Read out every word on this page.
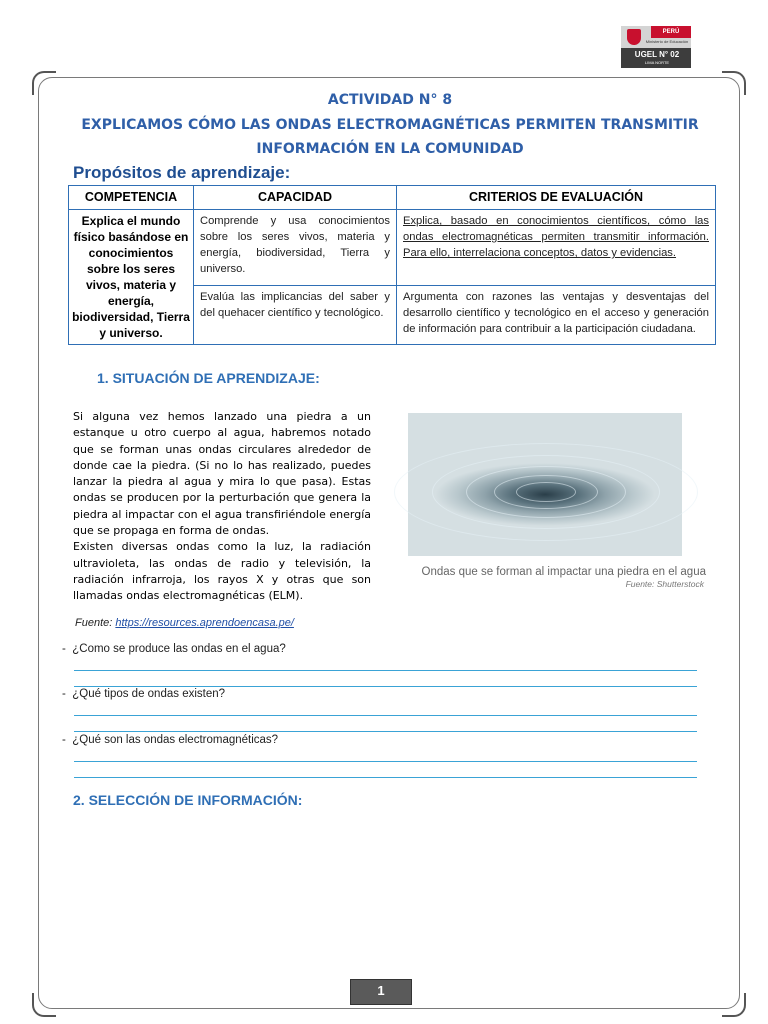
PERÚ
Ministerio de Educación
UGEL N° 02
LIMA NORTE
ACTIVIDAD N° 8
EXPLICAMOS CÓMO LAS ONDAS ELECTROMAGNÉTICAS PERMITEN TRANSMITIR
INFORMACIÓN EN LA COMUNIDAD
Propósitos de aprendizaje:
COMPETENCIA	CAPACIDAD	CRITERIOS DE EVALUACIÓN
Explica el mundo físico basándose en conocimientos sobre los seres vivos, materia y energía, biodiversidad, Tierra y universo.	Comprende y usa conocimientos sobre los seres vivos, materia y energía, biodiversidad, Tierra y universo.	Explica, basado en conocimientos científicos, cómo las ondas electromagnéticas permiten transmitir información. Para ello, interrelaciona conceptos, datos y evidencias.
	Evalúa las implicancias del saber y del quehacer científico y tecnológico.	Argumenta con razones las ventajas y desventajas del desarrollo científico y tecnológico en el acceso y generación de información para contribuir a la participación ciudadana.
1. SITUACIÓN DE APRENDIZAJE:

Si alguna vez hemos lanzado una piedra a un estanque u otro cuerpo al agua, habremos notado que se forman unas ondas circulares alrededor de donde cae la piedra. (Si no lo has realizado, puedes lanzar la piedra al agua y mira lo que pasa). Estas ondas se producen por la perturbación que genera la piedra al impactar con el agua transfiriéndole energía que se propaga en forma de ondas.

Existen diversas ondas como la luz, la radiación ultravioleta, las ondas de radio y televisión, la radiación infrarroja, los rayos X y otras que son llamadas ondas electromagnéticas (ELM).

Ondas que se forman al impactar una piedra en el agua
Fuente: Shutterstock
Fuente: https://resources.aprendoencasa.pe/
- ¿Como se produce las ondas en el agua?
- ¿Qué tipos de ondas existen?
- ¿Qué son las ondas electromagnéticas?
2. SELECCIÓN DE INFORMACIÓN:
1
